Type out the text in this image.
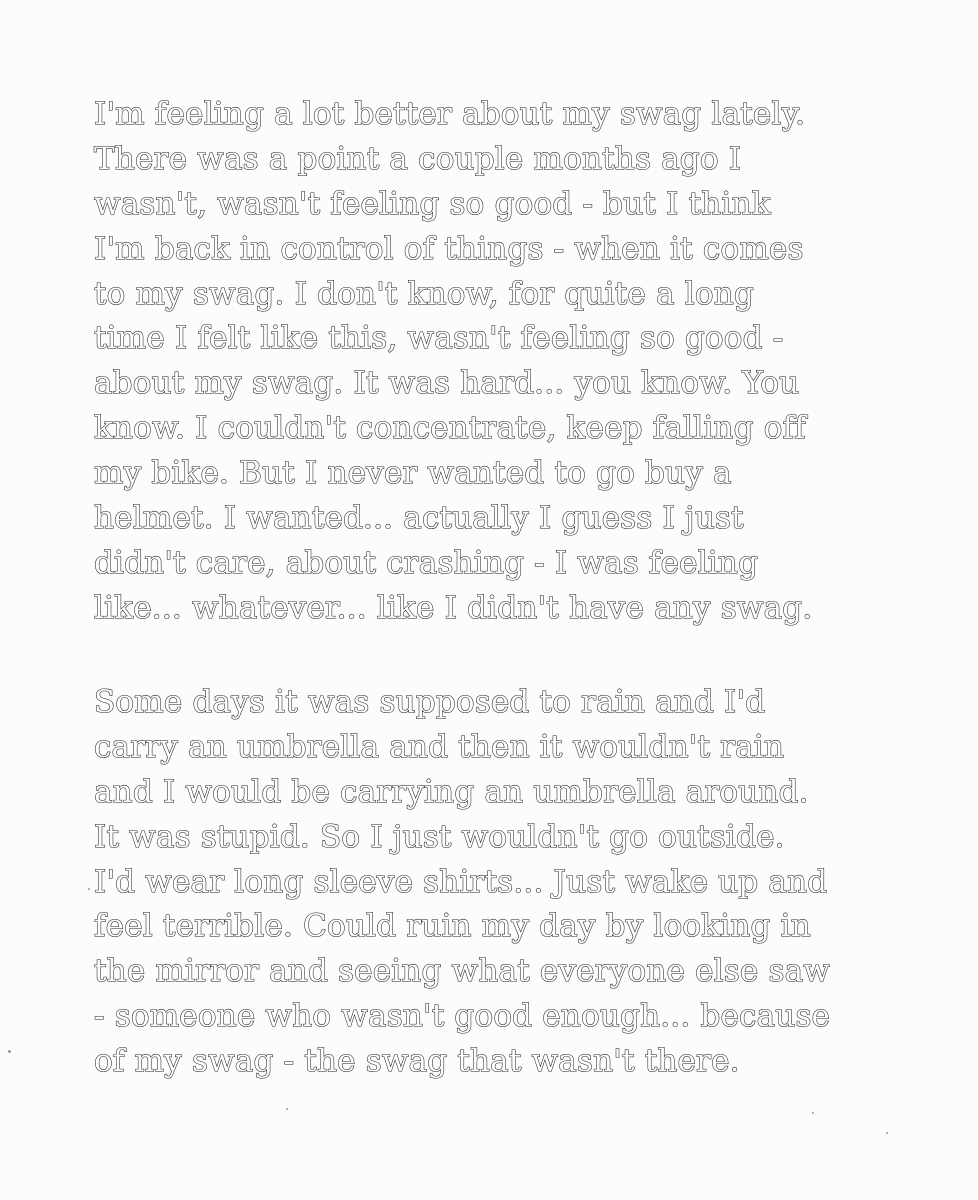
I'm feeling a lot better about my swag lately.
There was a point a couple months ago I
wasn't, wasn't feeling so good - but I think
I'm back in control of things - when it comes
to my swag. I don't know, for quite a long
time I felt like this, wasn't feeling so good -
about my swag. It was hard... you know. You
know. I couldn't concentrate, keep falling off
my bike. But I never wanted to go buy a
helmet. I wanted... actually I guess I just
didn't care, about crashing - I was feeling
like... whatever... like I didn't have any swag.

Some days it was supposed to rain and I'd
carry an umbrella and then it wouldn't rain
and I would be carrying an umbrella around.
It was stupid. So I just wouldn't go outside.
I'd wear long sleeve shirts... Just wake up and
feel terrible. Could ruin my day by looking in
the mirror and seeing what everyone else saw
- someone who wasn't good enough... because
of my swag - the swag that wasn't there.
